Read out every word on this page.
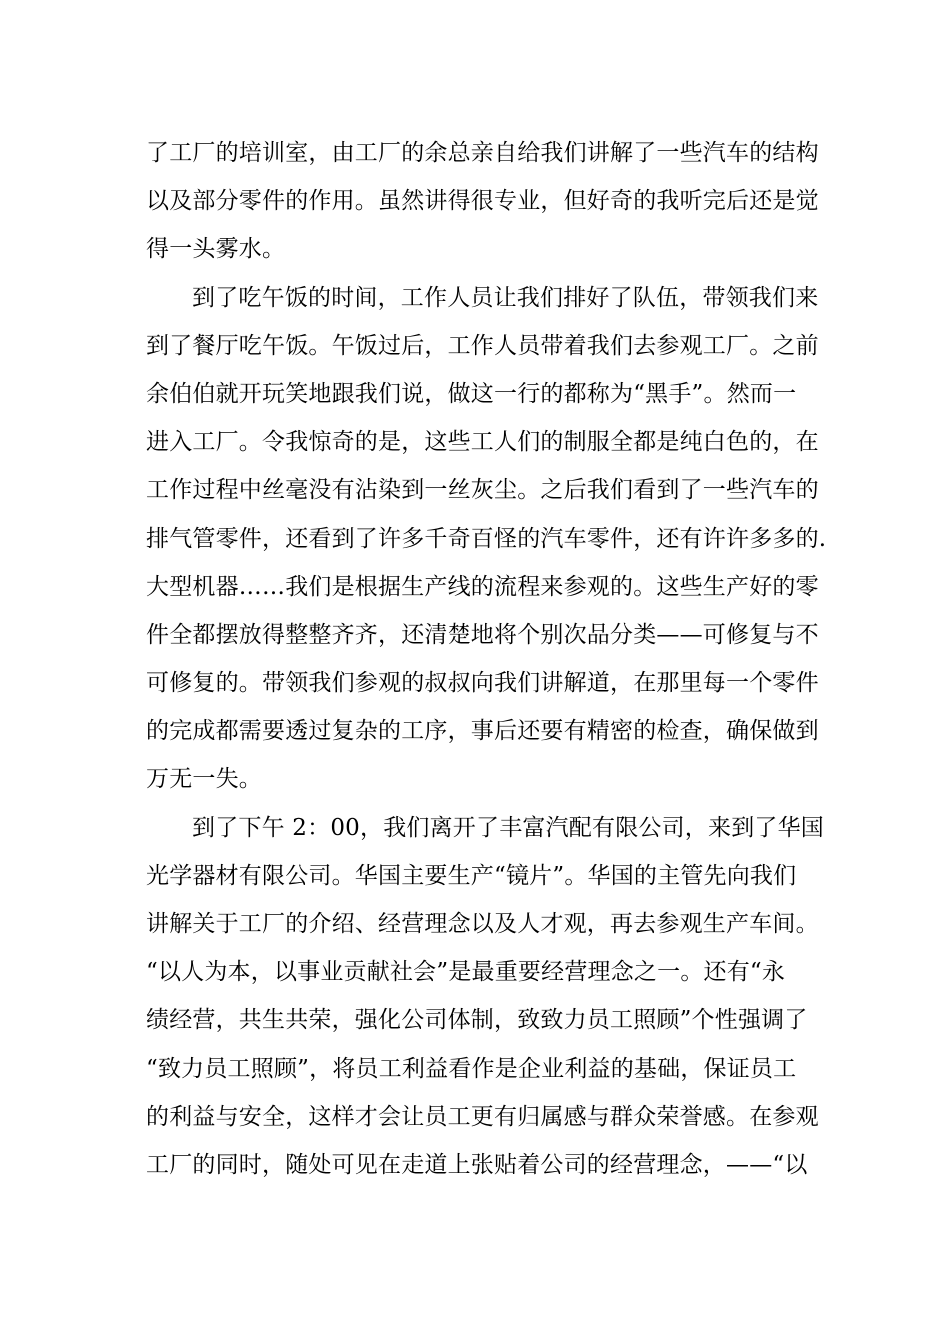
了工厂的培训室，由工厂的余总亲自给我们讲解了一些汽车的结构
以及部分零件的作用。虽然讲得很专业，但好奇的我听完后还是觉
得一头雾水。
到了吃午饭的时间，工作人员让我们排好了队伍，带领我们来
到了餐厅吃午饭。午饭过后，工作人员带着我们去参观工厂。之前
余伯伯就开玩笑地跟我们说，做这一行的都称为“黑手”。然而一
进入工厂。令我惊奇的是，这些工人们的制服全都是纯白色的，在
工作过程中丝毫没有沾染到一丝灰尘。之后我们看到了一些汽车的
排气管零件，还看到了许多千奇百怪的汽车零件，还有许许多多的.
大型机器……我们是根据生产线的流程来参观的。这些生产好的零
件全都摆放得整整齐齐，还清楚地将个别次品分类——可修复与不
可修复的。带领我们参观的叔叔向我们讲解道，在那里每一个零件
的完成都需要透过复杂的工序，事后还要有精密的检查，确保做到
万无一失。
到了下午 2：00，我们离开了丰富汽配有限公司，来到了华国
光学器材有限公司。华国主要生产“镜片”。华国的主管先向我们
讲解关于工厂的介绍、经营理念以及人才观，再去参观生产车间。
“以人为本，以事业贡献社会”是最重要经营理念之一。还有“永
绩经营，共生共荣，强化公司体制，致致力员工照顾”个性强调了
“致力员工照顾”，将员工利益看作是企业利益的基础，保证员工
的利益与安全，这样才会让员工更有归属感与群众荣誉感。在参观
工厂的同时，随处可见在走道上张贴着公司的经营理念，——“以
